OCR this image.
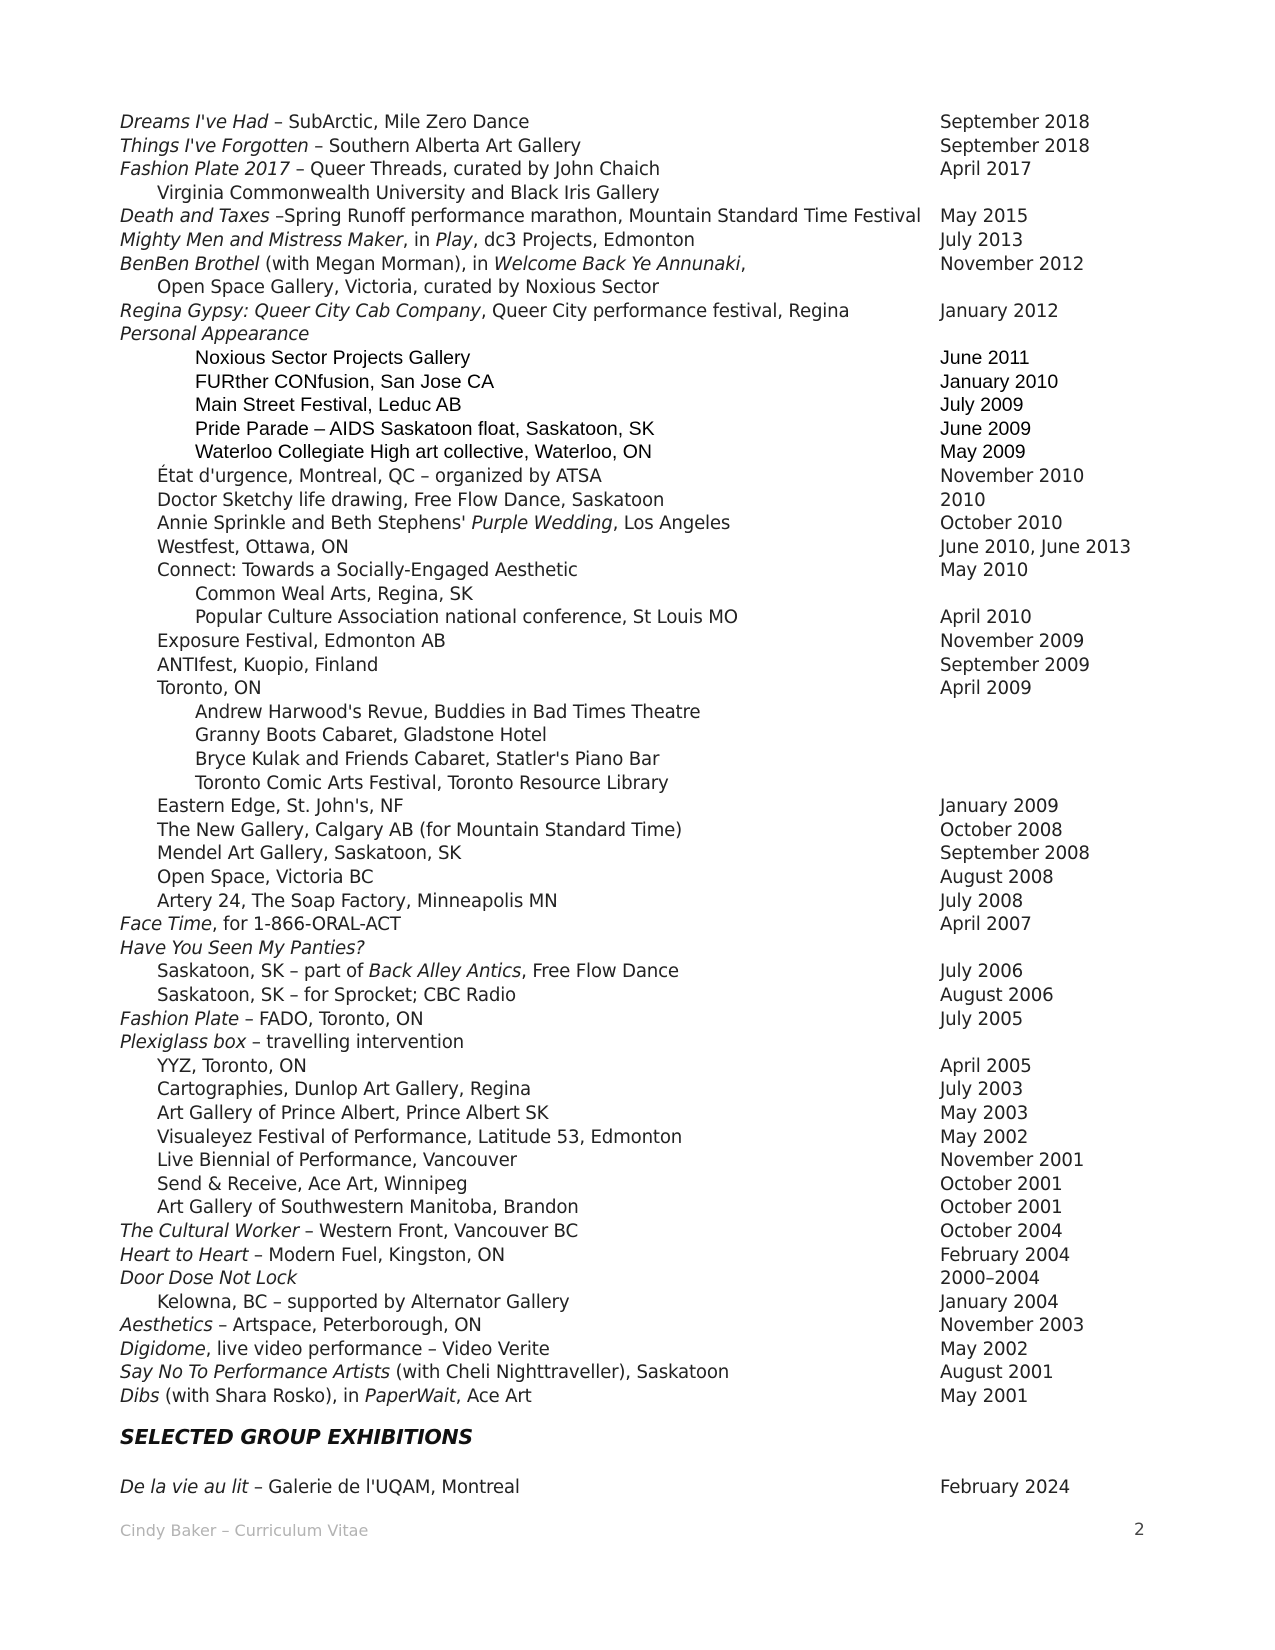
Dreams I've Had – SubArctic, Mile Zero Dance	September 2018
Things I've Forgotten – Southern Alberta Art Gallery	September 2018
Fashion Plate 2017 – Queer Threads, curated by John Chaich	April 2017
Virginia Commonwealth University and Black Iris Gallery
Death and Taxes –Spring Runoff performance marathon, Mountain Standard Time Festival May 2015
Mighty Men and Mistress Maker, in Play, dc3 Projects, Edmonton	July 2013
BenBen Brothel (with Megan Morman), in Welcome Back Ye Annunaki,	November 2012
Open Space Gallery, Victoria, curated by Noxious Sector
Regina Gypsy: Queer City Cab Company, Queer City performance festival, Regina	January 2012
Personal Appearance
Noxious Sector Projects Gallery	June 2011
FURther CONfusion, San Jose CA	January 2010
Main Street Festival, Leduc AB	July 2009
Pride Parade – AIDS Saskatoon float, Saskatoon, SK	June 2009
Waterloo Collegiate High art collective, Waterloo, ON	May 2009
État d'urgence, Montreal, QC – organized by ATSA	November 2010
Doctor Sketchy life drawing, Free Flow Dance, Saskatoon	2010
Annie Sprinkle and Beth Stephens' Purple Wedding, Los Angeles	October 2010
Westfest, Ottawa, ON	June 2010, June 2013
Connect: Towards a Socially-Engaged Aesthetic	May 2010
Common Weal Arts, Regina, SK
Popular Culture Association national conference, St Louis MO	April 2010
Exposure Festival, Edmonton AB	November 2009
ANTIfest, Kuopio, Finland	September 2009
Toronto, ON	April 2009
Andrew Harwood's Revue, Buddies in Bad Times Theatre
Granny Boots Cabaret, Gladstone Hotel
Bryce Kulak and Friends Cabaret, Statler's Piano Bar
Toronto Comic Arts Festival, Toronto Resource Library
Eastern Edge, St. John's, NF	January 2009
The New Gallery, Calgary AB (for Mountain Standard Time)	October 2008
Mendel Art Gallery, Saskatoon, SK	September 2008
Open Space, Victoria BC	August 2008
Artery 24, The Soap Factory, Minneapolis MN	July 2008
Face Time, for 1-866-ORAL-ACT	April 2007
Have You Seen My Panties?
Saskatoon, SK – part of Back Alley Antics, Free Flow Dance	July 2006
Saskatoon, SK – for Sprocket; CBC Radio	August 2006
Fashion Plate – FADO, Toronto, ON	July 2005
Plexiglass box – travelling intervention
YYZ, Toronto, ON	April 2005
Cartographies, Dunlop Art Gallery, Regina	July 2003
Art Gallery of Prince Albert, Prince Albert SK	May 2003
Visualeyez Festival of Performance, Latitude 53, Edmonton	May 2002
Live Biennial of Performance, Vancouver	November 2001
Send & Receive, Ace Art, Winnipeg	October 2001
Art Gallery of Southwestern Manitoba, Brandon	October 2001
The Cultural Worker – Western Front, Vancouver BC	October 2004
Heart to Heart – Modern Fuel, Kingston, ON	February 2004
Door Dose Not Lock	2000–2004
Kelowna, BC – supported by Alternator Gallery	January 2004
Aesthetics – Artspace, Peterborough, ON	November 2003
Digidome, live video performance – Video Verite	May 2002
Say No To Performance Artists (with Cheli Nighttraveller), Saskatoon	August 2001
Dibs (with Shara Rosko), in PaperWait, Ace Art	May 2001
SELECTED GROUP EXHIBITIONS
De la vie au lit – Galerie de l'UQAM, Montreal	February 2024
Cindy Baker – Curriculum Vitae	2
